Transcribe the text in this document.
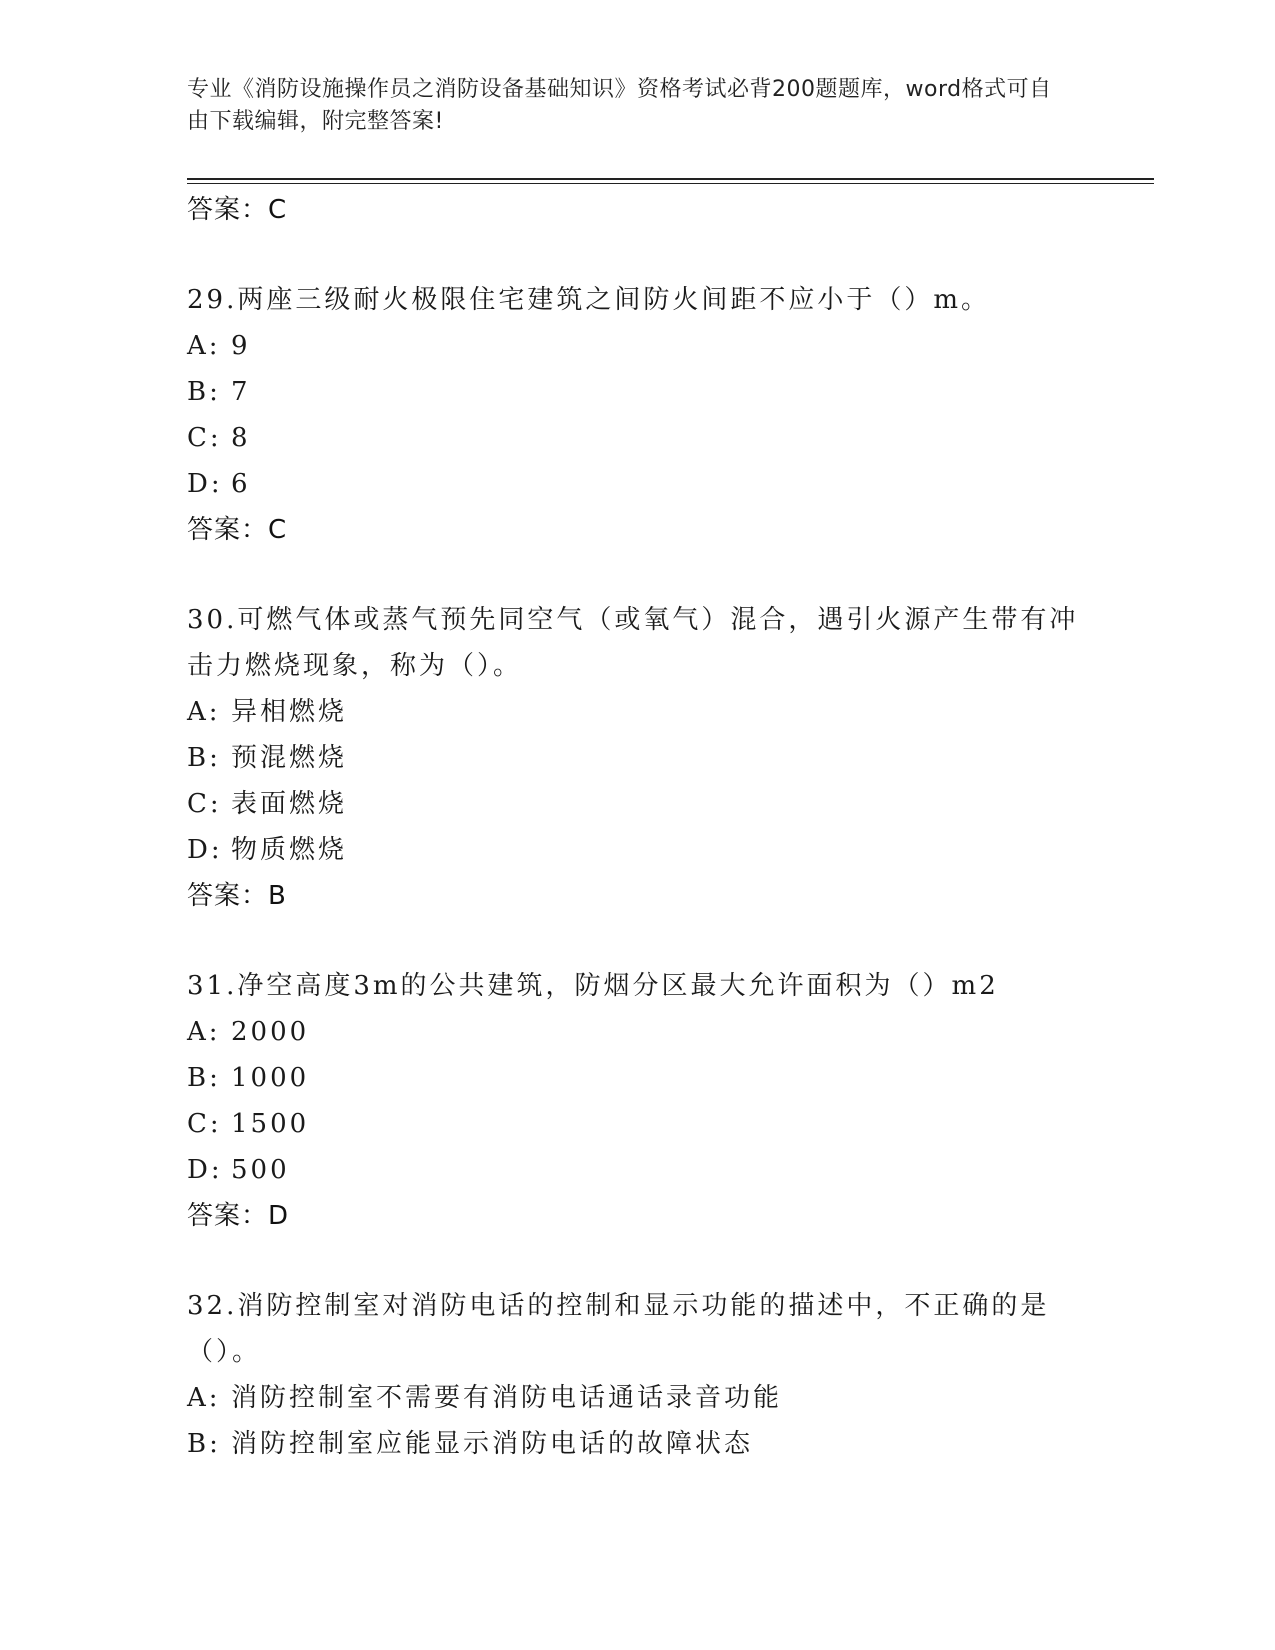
专业《消防设施操作员之消防设备基础知识》资格考试必背200题题库，word格式可自由下载编辑，附完整答案!
答案：C
29.两座三级耐火极限住宅建筑之间防火间距不应小于（）m。
A: 9
B: 7
C: 8
D: 6
答案：C
30.可燃气体或蒸气预先同空气（或氧气）混合，遇引火源产生带有冲击力燃烧现象，称为（）。
A: 异相燃烧
B: 预混燃烧
C: 表面燃烧
D: 物质燃烧
答案：B
31.净空高度3m的公共建筑，防烟分区最大允许面积为（）m2
A: 2000
B: 1000
C: 1500
D: 500
答案：D
32.消防控制室对消防电话的控制和显示功能的描述中，不正确的是（）。
A: 消防控制室不需要有消防电话通话录音功能
B: 消防控制室应能显示消防电话的故障状态
